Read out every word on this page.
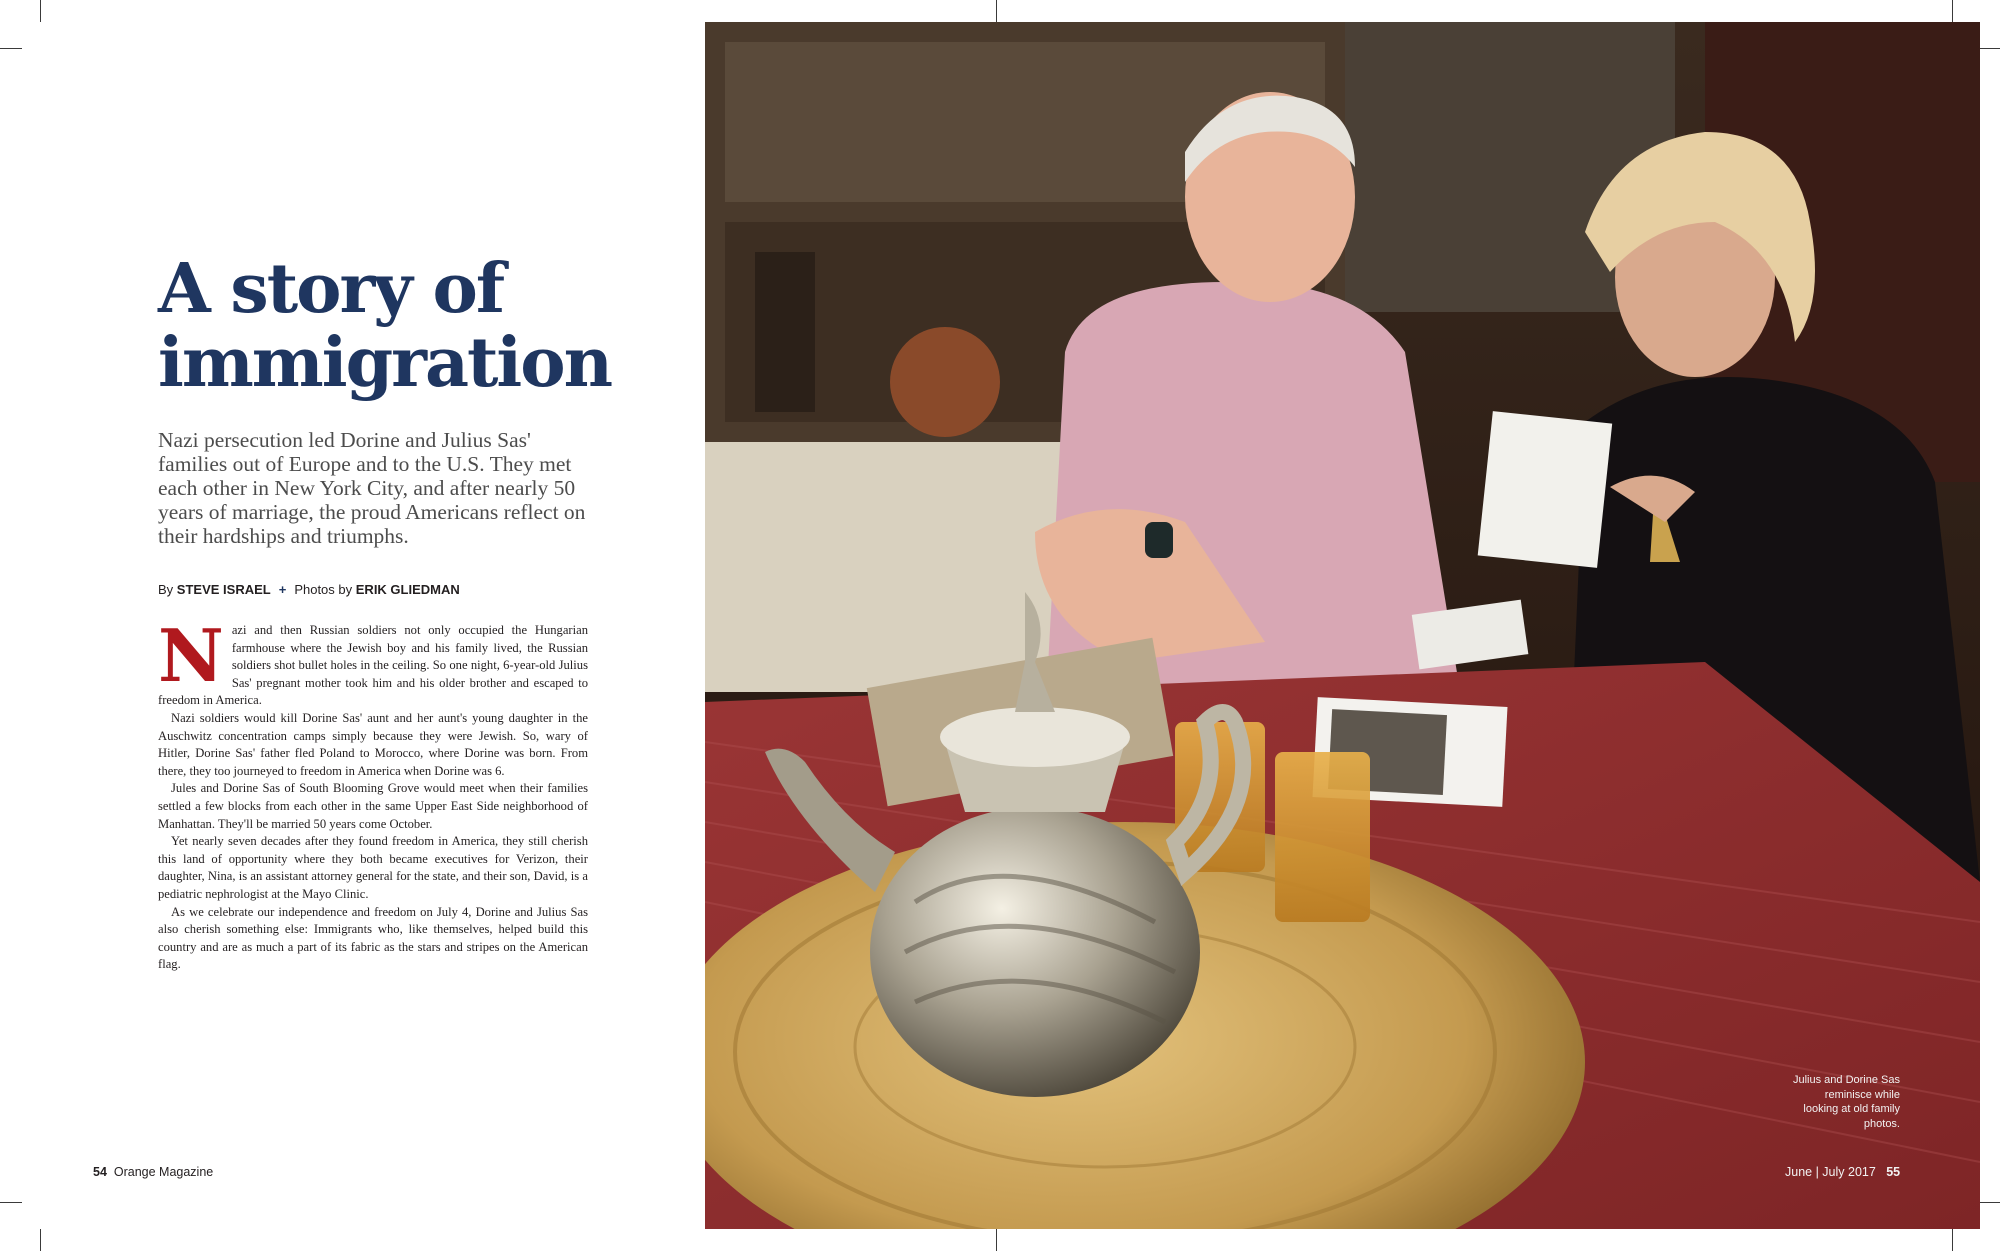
A story of
immigration

Nazi persecution led Dorine and Julius Sas' families out of Europe and to the U.S. They met each other in New York City, and after nearly 50 years of marriage, the proud Americans reflect on their hardships and triumphs.

By STEVE ISRAEL + Photos by ERIK GLIEDMAN

Nazi and then Russian soldiers not only occupied the Hungarian farmhouse where the Jewish boy and his family lived, the Russian soldiers shot bullet holes in the ceiling. So one night, 6-year-old Julius Sas' pregnant mother took him and his older brother and escaped to freedom in America.

Nazi soldiers would kill Dorine Sas' aunt and her aunt's young daughter in the Auschwitz concentration camps simply because they were Jewish. So, wary of Hitler, Dorine Sas' father fled Poland to Morocco, where Dorine was born. From there, they too journeyed to freedom in America when Dorine was 6.

Jules and Dorine Sas of South Blooming Grove would meet when their families settled a few blocks from each other in the same Upper East Side neighborhood of Manhattan. They'll be married 50 years come October.

Yet nearly seven decades after they found freedom in America, they still cherish this land of opportunity where they both became executives for Verizon, their daughter, Nina, is an assistant attorney general for the state, and their son, David, is a pediatric nephrologist at the Mayo Clinic.

As we celebrate our independence and freedom on July 4, Dorine and Julius Sas also cherish something else: Immigrants who, like themselves, helped build this country and are as much a part of its fabric as the stars and stripes on the American flag.

54 Orange Magazine

Julius and Dorine Sas reminisce while looking at old family photos.

June | July 2017 55
